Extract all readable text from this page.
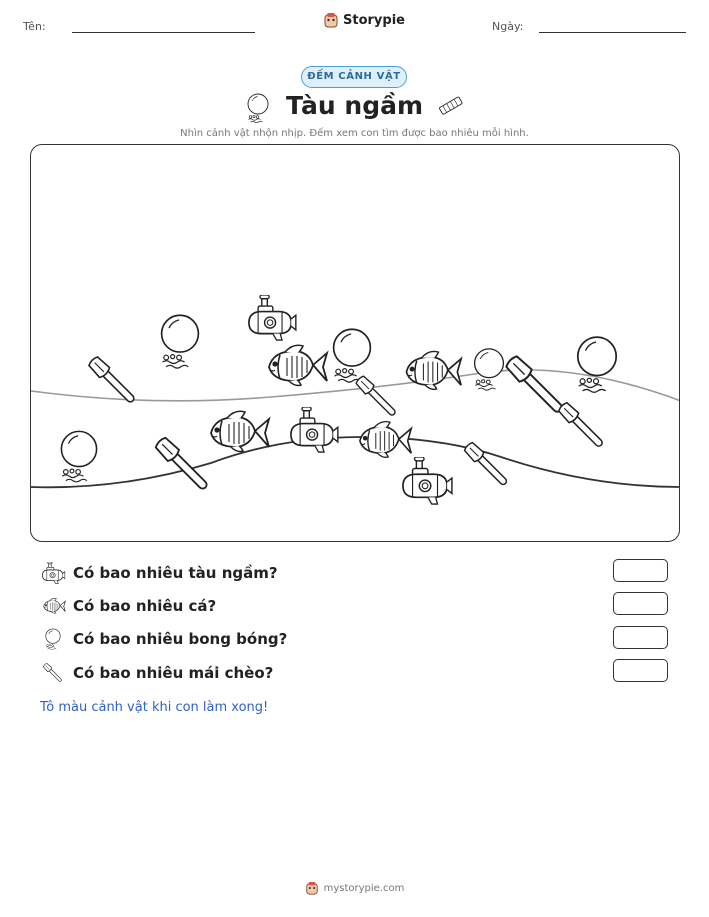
Tên:	Storypie	Ngày:
ĐẾM CẢNH VẬT
Tàu ngầm
Nhìn cảnh vật nhộn nhịp. Đếm xem con tìm được bao nhiêu mỗi hình.
Có bao nhiêu tàu ngầm?
Có bao nhiêu cá?
Có bao nhiêu bong bóng?
Có bao nhiêu mái chèo?
Tô màu cảnh vật khi con làm xong!
mystorypie.com
